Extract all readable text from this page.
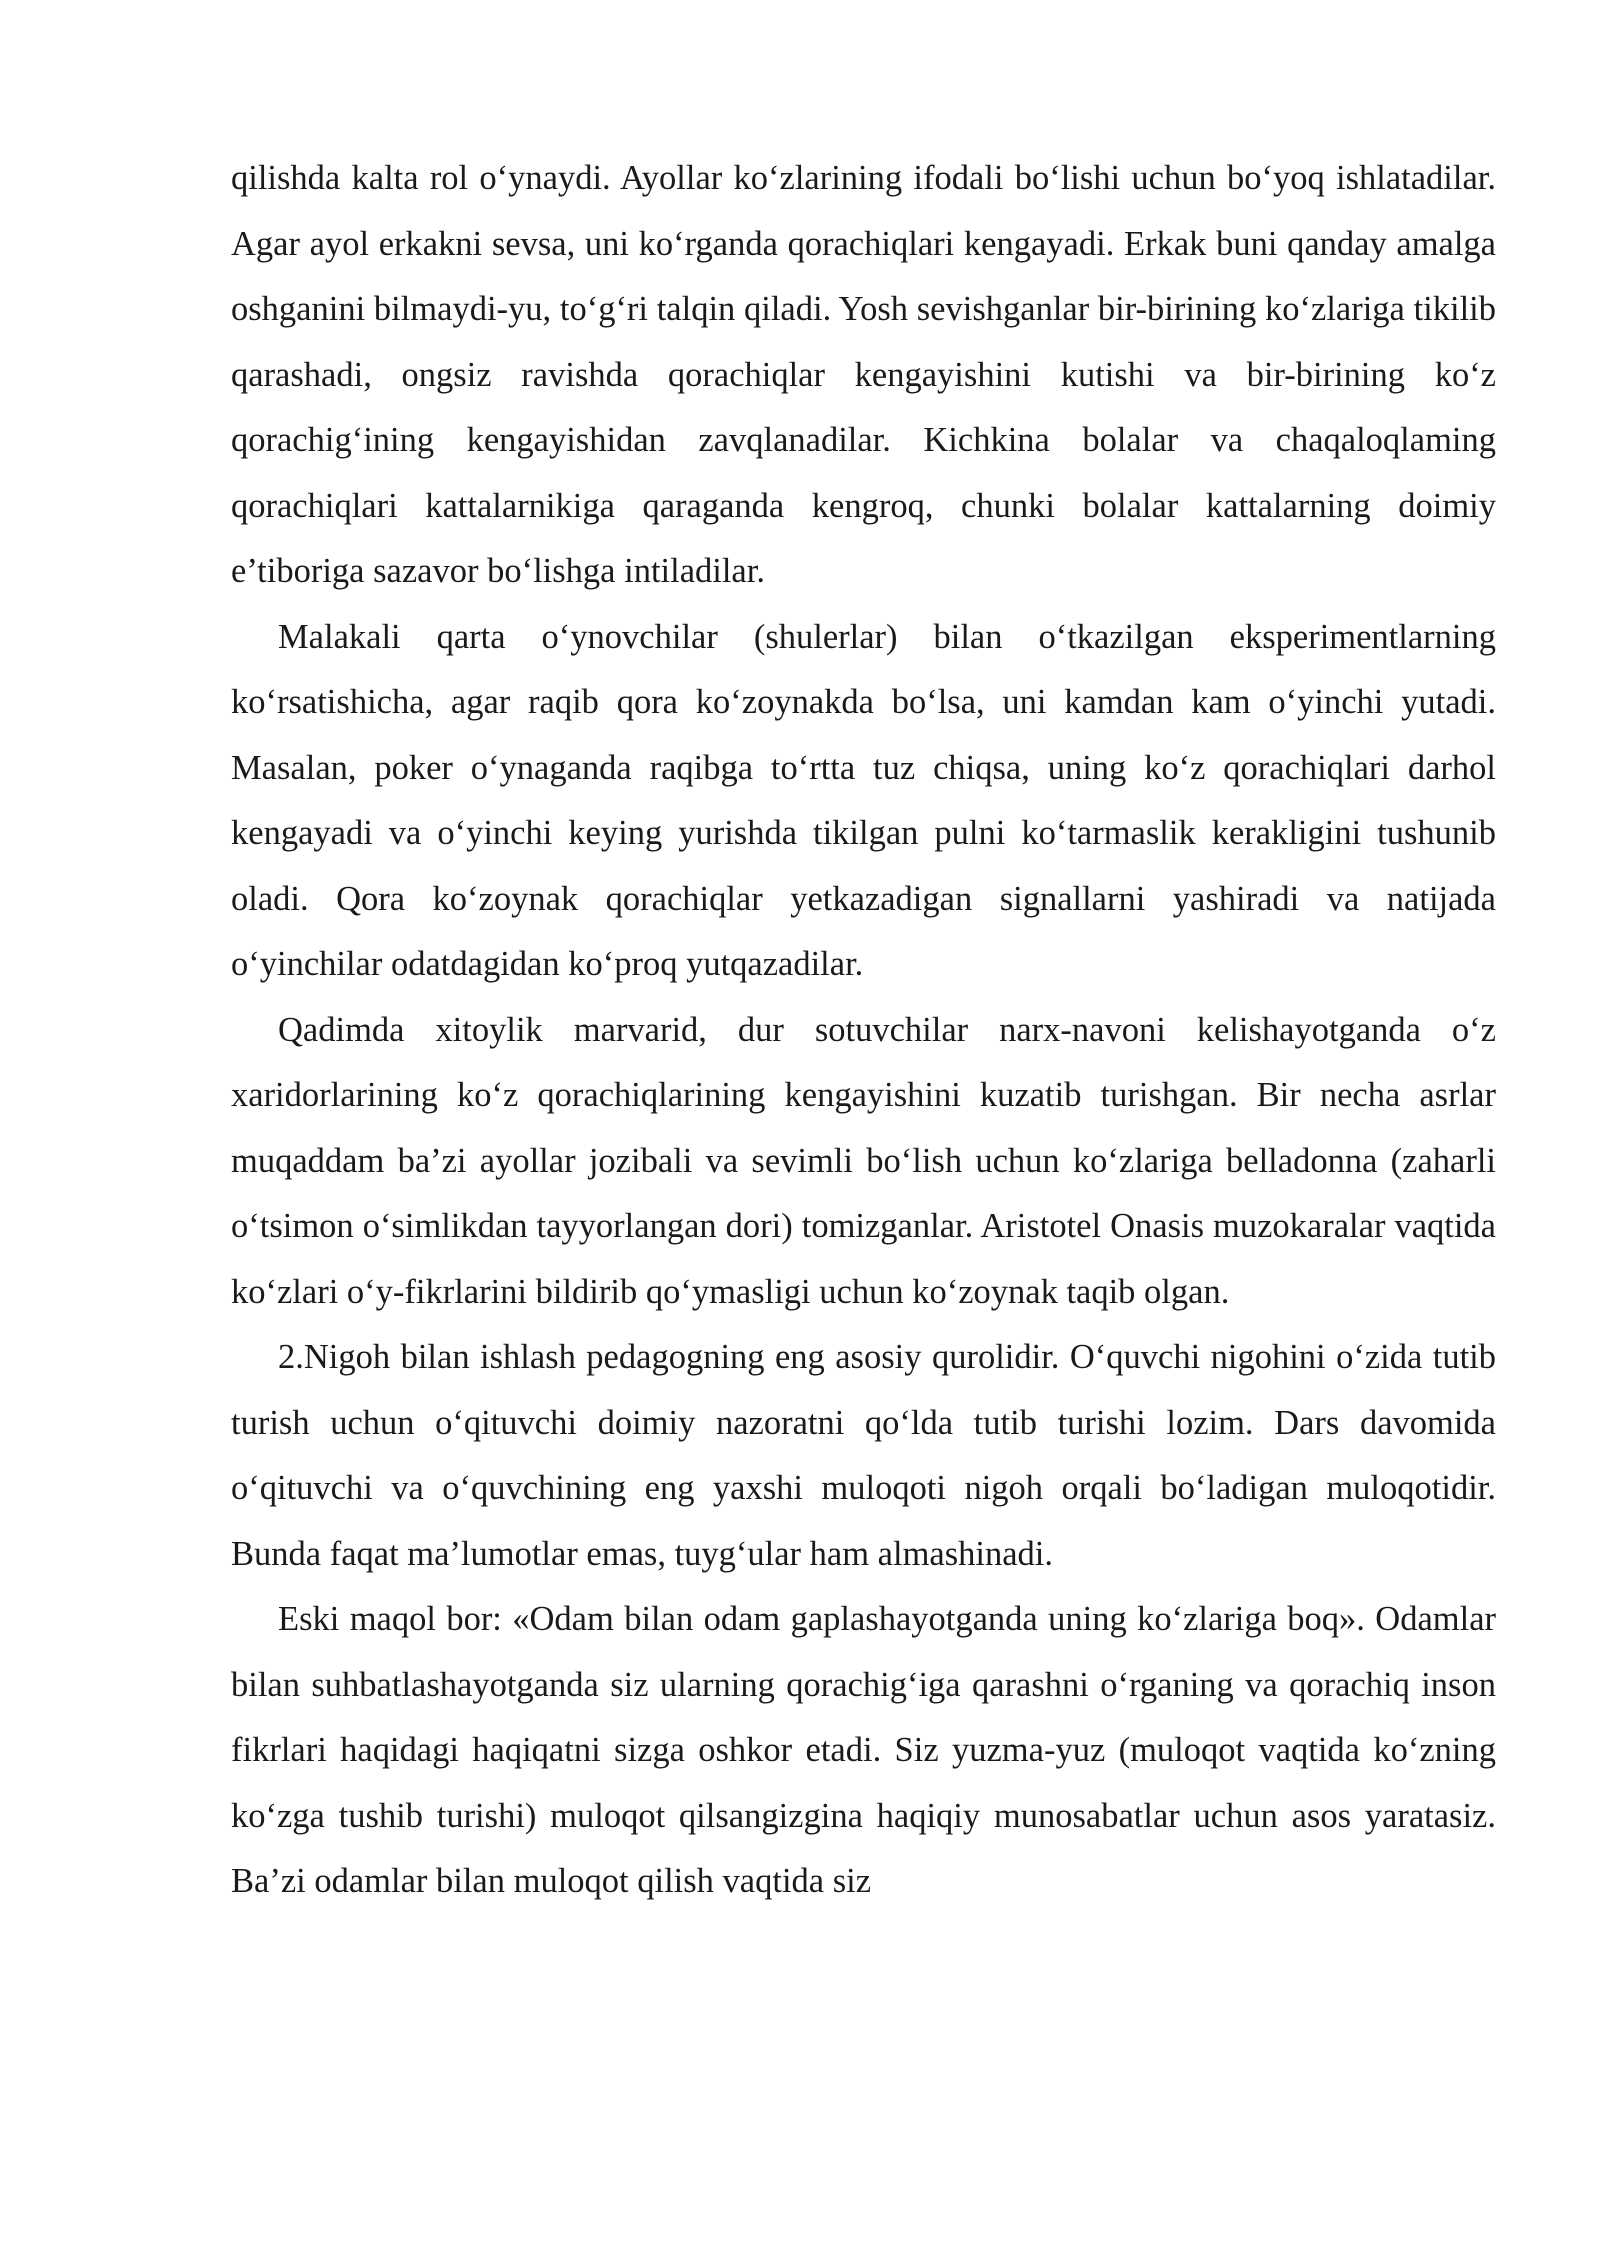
qilishda kalta rol o‘ynaydi. Ayollar ko‘zlarining ifodali bo‘lishi uchun bo‘yoq ishlatadilar. Agar ayol erkakni sevsa, uni ko‘rganda qorachiqlari kengayadi. Erkak buni qanday amalga oshganini bilmaydi-yu, to‘g‘ri talqin qiladi. Yosh sevishganlar bir-birining ko‘zlariga tikilib qarashadi, ongsiz ravishda qorachiqlar kengayishini kutishi va bir-birining ko‘z qorachig‘ining kengayishidan zavqlanadilar. Kichkina bolalar va chaqaloqlaming qorachiqlari kattalarnikiga qaraganda kengroq, chunki bolalar kattalarning doimiy e’tiboriga sazavor bo‘lishga intiladilar.

Malakali qarta o‘ynovchilar (shulerlar) bilan o‘tkazilgan eksperimentlarning ko‘rsatishicha, agar raqib qora ko‘zoynakda bo‘lsa, uni kamdan kam o‘yinchi yutadi. Masalan, poker o‘ynaganda raqibga to‘rtta tuz chiqsa, uning ko‘z qorachiqlari darhol kengayadi va o‘yinchi keying yurishda tikilgan pulni ko‘tarmaslik kerakligini tushunib oladi. Qora ko‘zoynak qorachiqlar yetkazadigan signallarni yashiradi va natijada o‘yinchilar odatdagidan ko‘proq yutqazadilar.

Qadimda xitoylik marvarid, dur sotuvchilar narx-navoni kelishayotganda o‘z xaridorlarining ko‘z qorachiqlarining kengayishini kuzatib turishgan. Bir necha asrlar muqaddam ba’zi ayollar jozibali va sevimli bo‘lish uchun ko‘zlariga belladonna (zaharli o‘tsimon o‘simlikdan tayyorlangan dori) tomizganlar. Aristotel Onasis muzokaralar vaqtida ko‘zlari o‘y-fikrlarini bildirib qo‘ymasligi uchun ko‘zoynak taqib olgan.

2.Nigoh bilan ishlash pedagogning eng asosiy qurolidir. O‘quvchi nigohini o‘zida tutib turish uchun o‘qituvchi doimiy nazoratni qo‘lda tutib turishi lozim. Dars davomida o‘qituvchi va o‘quvchining eng yaxshi muloqoti nigoh orqali bo‘ladigan muloqotidir. Bunda faqat ma’lumotlar emas, tuyg‘ular ham almashinadi.

Eski maqol bor: «Odam bilan odam gaplashayotganda uning ko‘zlariga boq». Odamlar bilan suhbatlashayotganda siz ularning qorachig‘iga qarashni o‘rganing va qorachiq inson fikrlari haqidagi haqiqatni sizga oshkor etadi. Siz yuzma-yuz (muloqot vaqtida ko‘zning ko‘zga tushib turishi) muloqot qilsangizgina haqiqiy munosabatlar uchun asos yaratasiz. Ba’zi odamlar bilan muloqot qilish vaqtida siz
